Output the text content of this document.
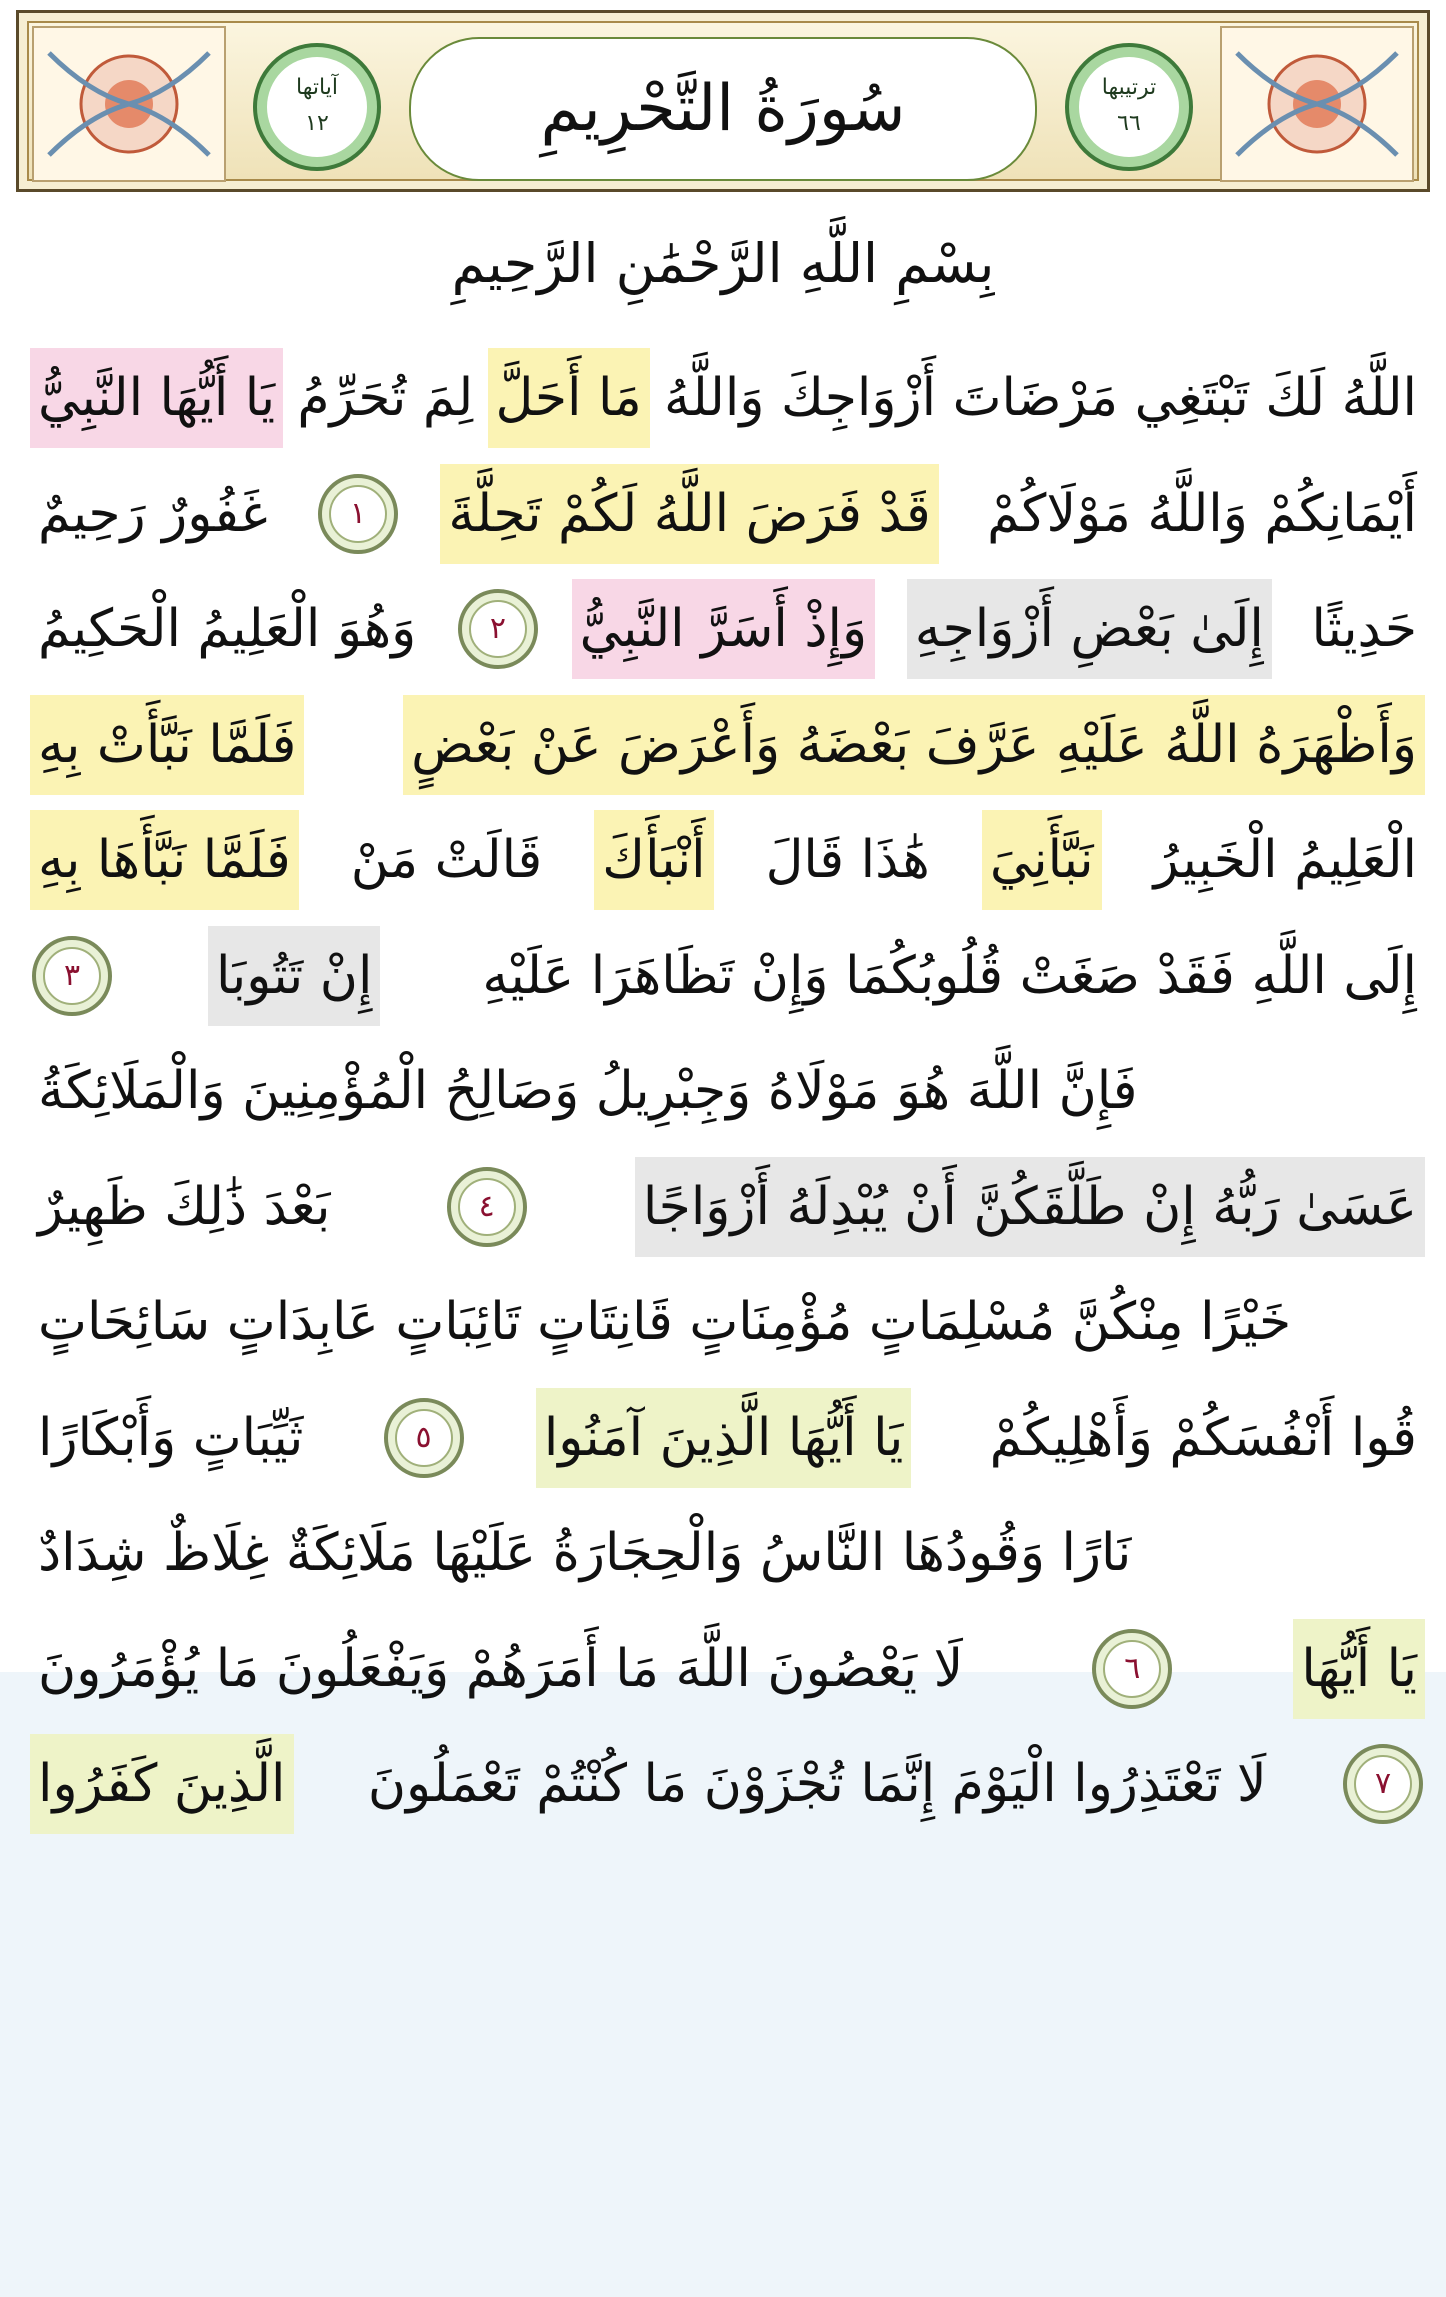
آياتها
١٢
ترتيبها
٦٦
سُورَةُ التَّحْرِيمِ
بِسْمِ اللَّهِ الرَّحْمَٰنِ الرَّحِيمِ
يَا أَيُّهَا النَّبِيُّ لِمَ تُحَرِّمُ مَا أَحَلَّ اللَّهُ لَكَ تَبْتَغِي مَرْضَاتَ أَزْوَاجِكَ وَاللَّهُ
غَفُورٌ رَحِيمٌ	١	قَدْ فَرَضَ اللَّهُ لَكُمْ تَحِلَّةَ أَيْمَانِكُمْ وَاللَّهُ مَوْلَاكُمْ
وَهُوَ الْعَلِيمُ الْحَكِيمُ	٢	وَإِذْ أَسَرَّ النَّبِيُّ إِلَىٰ بَعْضِ أَزْوَاجِهِ حَدِيثًا
فَلَمَّا نَبَّأَتْ بِهِ وَأَظْهَرَهُ اللَّهُ عَلَيْهِ عَرَّفَ بَعْضَهُ وَأَعْرَضَ عَنْ بَعْضٍ
فَلَمَّا نَبَّأَهَا بِهِ قَالَتْ مَنْ أَنْبَأَكَ هَٰذَا قَالَ نَبَّأَنِيَ الْعَلِيمُ الْخَبِيرُ
٣	إِنْ تَتُوبَا إِلَى اللَّهِ فَقَدْ صَغَتْ قُلُوبُكُمَا وَإِنْ تَظَاهَرَا عَلَيْهِ
فَإِنَّ اللَّهَ هُوَ مَوْلَاهُ وَجِبْرِيلُ وَصَالِحُ الْمُؤْمِنِينَ وَالْمَلَائِكَةُ
بَعْدَ ذَٰلِكَ ظَهِيرٌ	٤	عَسَىٰ رَبُّهُ إِنْ طَلَّقَكُنَّ أَنْ يُبْدِلَهُ أَزْوَاجًا
خَيْرًا مِنْكُنَّ مُسْلِمَاتٍ مُؤْمِنَاتٍ قَانِتَاتٍ تَائِبَاتٍ عَابِدَاتٍ سَائِحَاتٍ
ثَيِّبَاتٍ وَأَبْكَارًا	٥	يَا أَيُّهَا الَّذِينَ آمَنُوا قُوا أَنْفُسَكُمْ وَأَهْلِيكُمْ
نَارًا وَقُودُهَا النَّاسُ وَالْحِجَارَةُ عَلَيْهَا مَلَائِكَةٌ غِلَاظٌ شِدَادٌ
لَا يَعْصُونَ اللَّهَ مَا أَمَرَهُمْ وَيَفْعَلُونَ مَا يُؤْمَرُونَ	٦	يَا أَيُّهَا
الَّذِينَ كَفَرُوا لَا تَعْتَذِرُوا الْيَوْمَ إِنَّمَا تُجْزَوْنَ مَا كُنْتُمْ تَعْمَلُونَ	٧
